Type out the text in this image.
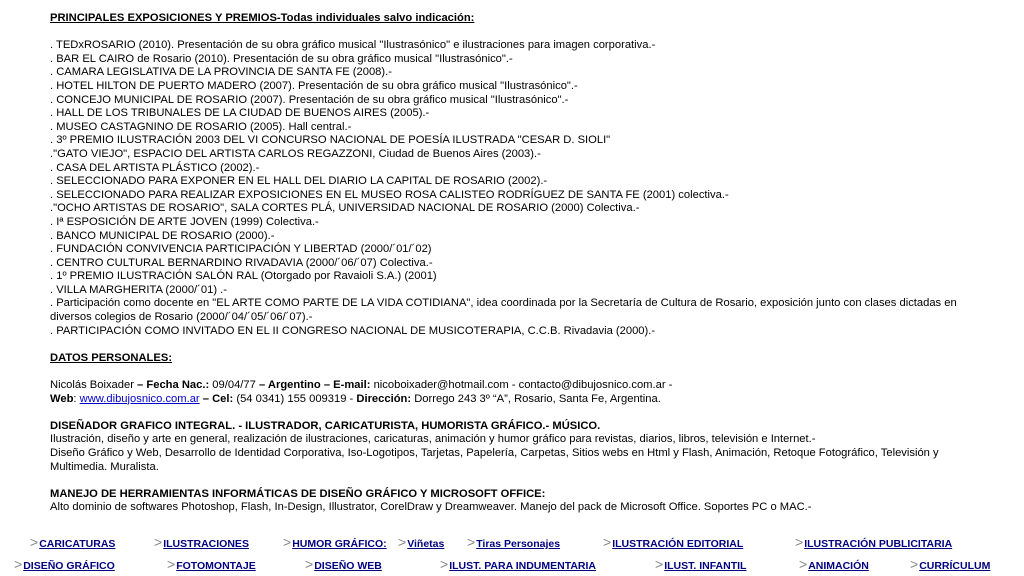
PRINCIPALES EXPOSICIONES Y PREMIOS-Todas individuales salvo indicación:

. TEDxROSARIO (2010). Presentación de su obra gráfico musical "Ilustrasónico" e ilustraciones para imagen corporativa.-

. BAR EL CAIRO de Rosario (2010). Presentación de su obra gráfico musical "Ilustrasónico".-

. CAMARA LEGISLATIVA DE LA PROVINCIA DE SANTA FE (2008).-

. HOTEL HILTON DE PUERTO MADERO (2007). Presentación de su obra gráfico musical "Ilustrasónico".-

. CONCEJO MUNICIPAL DE ROSARIO (2007). Presentación de su obra gráfico musical "Ilustrasónico".-

. HALL DE LOS TRIBUNALES DE LA CIUDAD DE BUENOS AIRES (2005).-

. MUSEO CASTAGNINO DE ROSARIO (2005). Hall central.-

. 3º PREMIO ILUSTRACIÓN 2003 DEL VI CONCURSO NACIONAL DE POESÍA ILUSTRADA "CESAR D. SIOLI"

."GATO VIEJO", ESPACIO DEL ARTISTA CARLOS REGAZZONI, Ciudad de Buenos Aires (2003).-

. CASA DEL ARTISTA PLÁSTICO (2002).-

. SELECCIONADO PARA EXPONER EN EL HALL DEL DIARIO LA CAPITAL DE ROSARIO (2002).-

. SELECCIONADO PARA REALIZAR EXPOSICIONES EN EL MUSEO ROSA CALISTEO RODRÍGUEZ DE SANTA FE (2001) colectiva.-

."OCHO ARTISTAS DE ROSARIO", SALA CORTES PLÁ, UNIVERSIDAD NACIONAL DE ROSARIO (2000) Colectiva.-

. Iª ESPOSICIÓN DE ARTE JOVEN (1999) Colectiva.-

. BANCO MUNICIPAL DE ROSARIO (2000).-

. FUNDACIÓN CONVIVENCIA PARTICIPACIÓN Y LIBERTAD (2000/´01/´02)

. CENTRO CULTURAL BERNARDINO RIVADAVIA (2000/´06/´07) Colectiva.-

. 1º PREMIO ILUSTRACIÓN SALÓN RAL (Otorgado por Ravaioli S.A.) (2001)

. VILLA MARGHERITA (2000/´01) .-

. Participación como docente en "EL ARTE COMO PARTE DE LA VIDA COTIDIANA", idea coordinada por la Secretaría de Cultura de Rosario, exposición junto con clases dictadas en diversos colegios de Rosario (2000/´04/´05/´06/´07).-

. PARTICIPACIÓN COMO INVITADO EN EL II CONGRESO NACIONAL DE MUSICOTERAPIA, C.C.B. Rivadavia (2000).-

DATOS PERSONALES:

Nicolás Boixader – Fecha Nac.: 09/04/77 – Argentino – E-mail: nicoboixader@hotmail.com - contacto@dibujosnico.com.ar -

Web: www.dibujosnico.com.ar – Cel: (54 0341) 155 009319 - Dirección: Dorrego 243 3º “A”, Rosario, Santa Fe, Argentina.

DISEÑADOR GRAFICO INTEGRAL. - ILUSTRADOR, CARICATURISTA, HUMORISTA GRÁFICO.- MÚSICO.

Ilustración, diseño y arte en general, realización de ilustraciones, caricaturas, animación y humor gráfico para revistas, diarios, libros, televisión e Internet.-

Diseño Gráfico y Web, Desarrollo de Identidad Corporativa, Iso-Logotipos, Tarjetas, Papelería, Carpetas, Sitios webs en Html y Flash, Animación, Retoque Fotográfico, Televisión y Multimedia. Muralista.

MANEJO DE HERRAMIENTAS INFORMÁTICAS DE DISEÑO GRÁFICO Y MICROSOFT OFFICE:

Alto dominio de softwares Photoshop, Flash, In-Design, Illustrator, CorelDraw y Dreamweaver. Manejo del pack de Microsoft Office. Soportes PC o MAC.-

>CARICATURAS	>ILUSTRACIONES >HUMOR GRÁFICO: >Viñetas >Tiras Personajes	>ILUSTRACIÓN EDITORIAL	>ILUSTRACIÓN PUBLICITARIA
>DISEÑO GRÁFICO	>FOTOMONTAJE	>DISEÑO WEB	>ILUST. PARA INDUMENTARIA	>ILUST. INFANTIL	>ANIMACIÓN	>CURRÍCULUM
